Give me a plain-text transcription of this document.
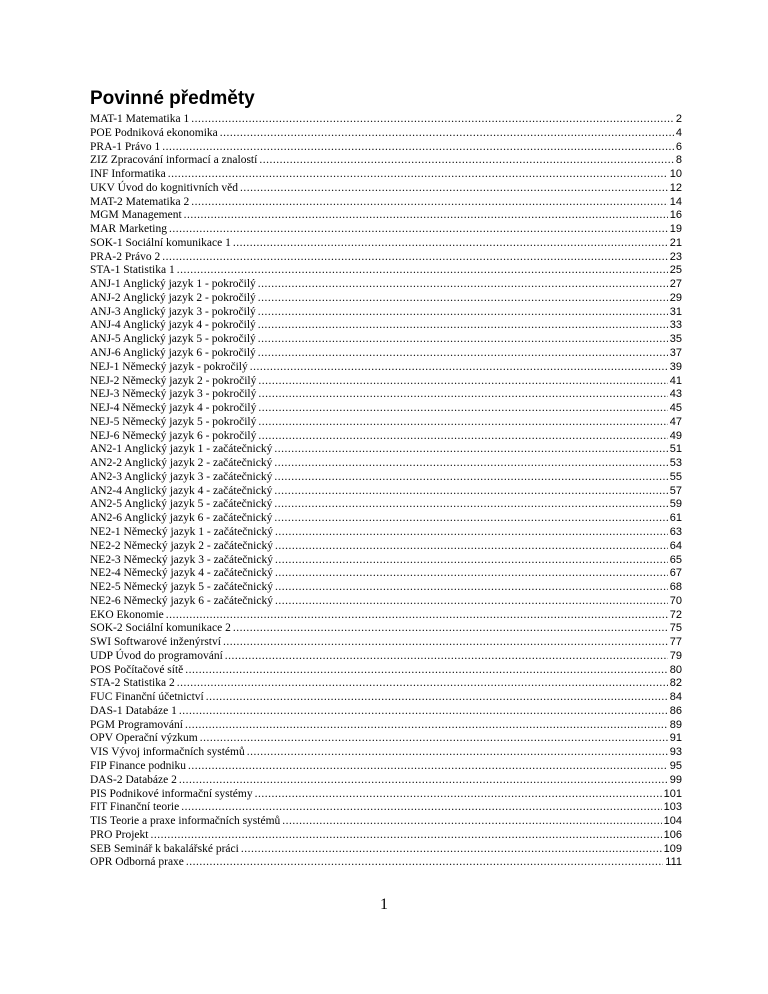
Povinné předměty
MAT-1 Matematika 1 .....	2
POE Podniková ekonomika .....	4
PRA-1 Právo 1 .....	6
ZIZ Zpracování informací a znalostí .....	8
INF Informatika .....	10
UKV Úvod do kognitivních věd .....	12
MAT-2 Matematika 2 .....	14
MGM Management .....	16
MAR Marketing .....	19
SOK-1 Sociální komunikace 1 .....	21
PRA-2 Právo 2 .....	23
STA-1 Statistika 1 .....	25
ANJ-1 Anglický jazyk 1 - pokročilý .....	27
ANJ-2 Anglický jazyk 2 - pokročilý .....	29
ANJ-3 Anglický jazyk 3 - pokročilý .....	31
ANJ-4 Anglický jazyk 4 - pokročilý .....	33
ANJ-5 Anglický jazyk 5 - pokročilý .....	35
ANJ-6 Anglický jazyk 6 - pokročilý .....	37
NEJ-1 Německý jazyk - pokročilý .....	39
NEJ-2 Německý jazyk 2 - pokročilý .....	41
NEJ-3 Německý jazyk 3 - pokročilý .....	43
NEJ-4 Německý jazyk 4 - pokročilý .....	45
NEJ-5 Německý jazyk 5 - pokročilý .....	47
NEJ-6 Německý jazyk 6 - pokročilý .....	49
AN2-1 Anglický jazyk 1 - začátečnický .....	51
AN2-2 Anglický jazyk 2 - začátečnický .....	53
AN2-3 Anglický jazyk 3 - začátečnický .....	55
AN2-4 Anglický jazyk 4 - začátečnický .....	57
AN2-5 Anglický jazyk 5 - začátečnický .....	59
AN2-6 Anglický jazyk 6 - začátečnický .....	61
NE2-1 Německý jazyk 1 - začátečnický .....	63
NE2-2 Německý jazyk 2 - začátečnický .....	64
NE2-3 Německý jazyk 3 - začátečnický .....	65
NE2-4 Německý jazyk 4 - začátečnický .....	67
NE2-5 Německý jazyk 5 - začátečnický .....	68
NE2-6 Německý jazyk 6 - začátečnický .....	70
EKO Ekonomie .....	72
SOK-2 Sociální komunikace 2 .....	75
SWI Softwarové inženýrství .....	77
UDP Úvod do programování .....	79
POS Počítačové sítě .....	80
STA-2 Statistika 2 .....	82
FUC Finanční účetnictví .....	84
DAS-1 Databáze 1 .....	86
PGM Programování .....	89
OPV Operační výzkum .....	91
VIS Vývoj informačních systémů .....	93
FIP Finance podniku .....	95
DAS-2 Databáze 2 .....	99
PIS Podnikové informační systémy .....	101
FIT Finanční teorie .....	103
TIS Teorie a praxe informačních systémů .....	104
PRO Projekt .....	106
SEB Seminář k bakalářské práci .....	109
OPR Odborná praxe .....	111
1
